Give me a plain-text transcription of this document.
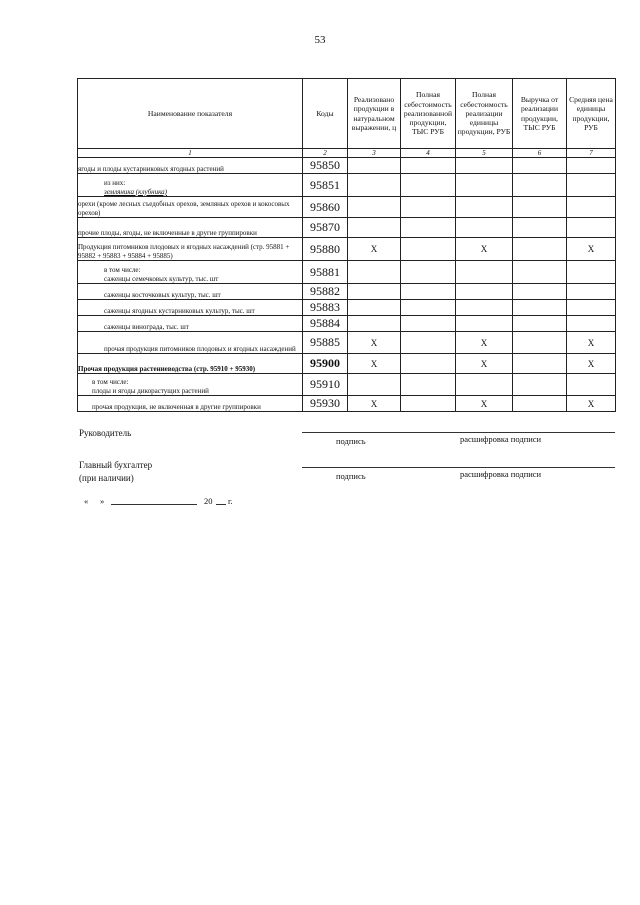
53
Наименование показателя	Коды	Реализовано продукции в натуральном выражении, ц	Полная себестоимость реализованной продукции, ТЫС РУБ	Полная себестоимость реализации единицы продукции, РУБ	Выручка от реализации продукции, ТЫС РУБ	Средняя цена единицы продукции, РУБ
1	2	3	4	5	6	7
ягоды и плоды кустарниковых ягодных растений	95850					
из них:
земляника (клубника)	95851					
орехи (кроме лесных съедобных орехов, земляных орехов и кокосовых орехов)	95860					
прочие плоды, ягоды, не включенные в другие группировки	95870					
Продукция питомников плодовых и ягодных насаждений (стр. 95881 + 95882 + 95883 + 95884 + 95885)	95880	X		X		X
в том числе:
саженцы семечковых культур, тыс. шт	95881					
саженцы косточковых культур, тыс. шт	95882					
саженцы ягодных кустарниковых культур, тыс. шт	95883					
саженцы винограда, тыс. шт	95884					
прочая продукция питомников плодовых и ягодных насаждений	95885	X		X		X
Прочая продукция растениеводства (стр. 95910 + 95930)	95900	X		X		X
в том числе:
плоды и ягоды дикорастущих растений	95910					
прочая продукция, не включенная в другие группировки	95930	X		X		X
Руководитель
подпись	расшифровка подписи
Главный бухгалтер
(при наличии)	подпись	расшифровка подписи
« »	20 г.
